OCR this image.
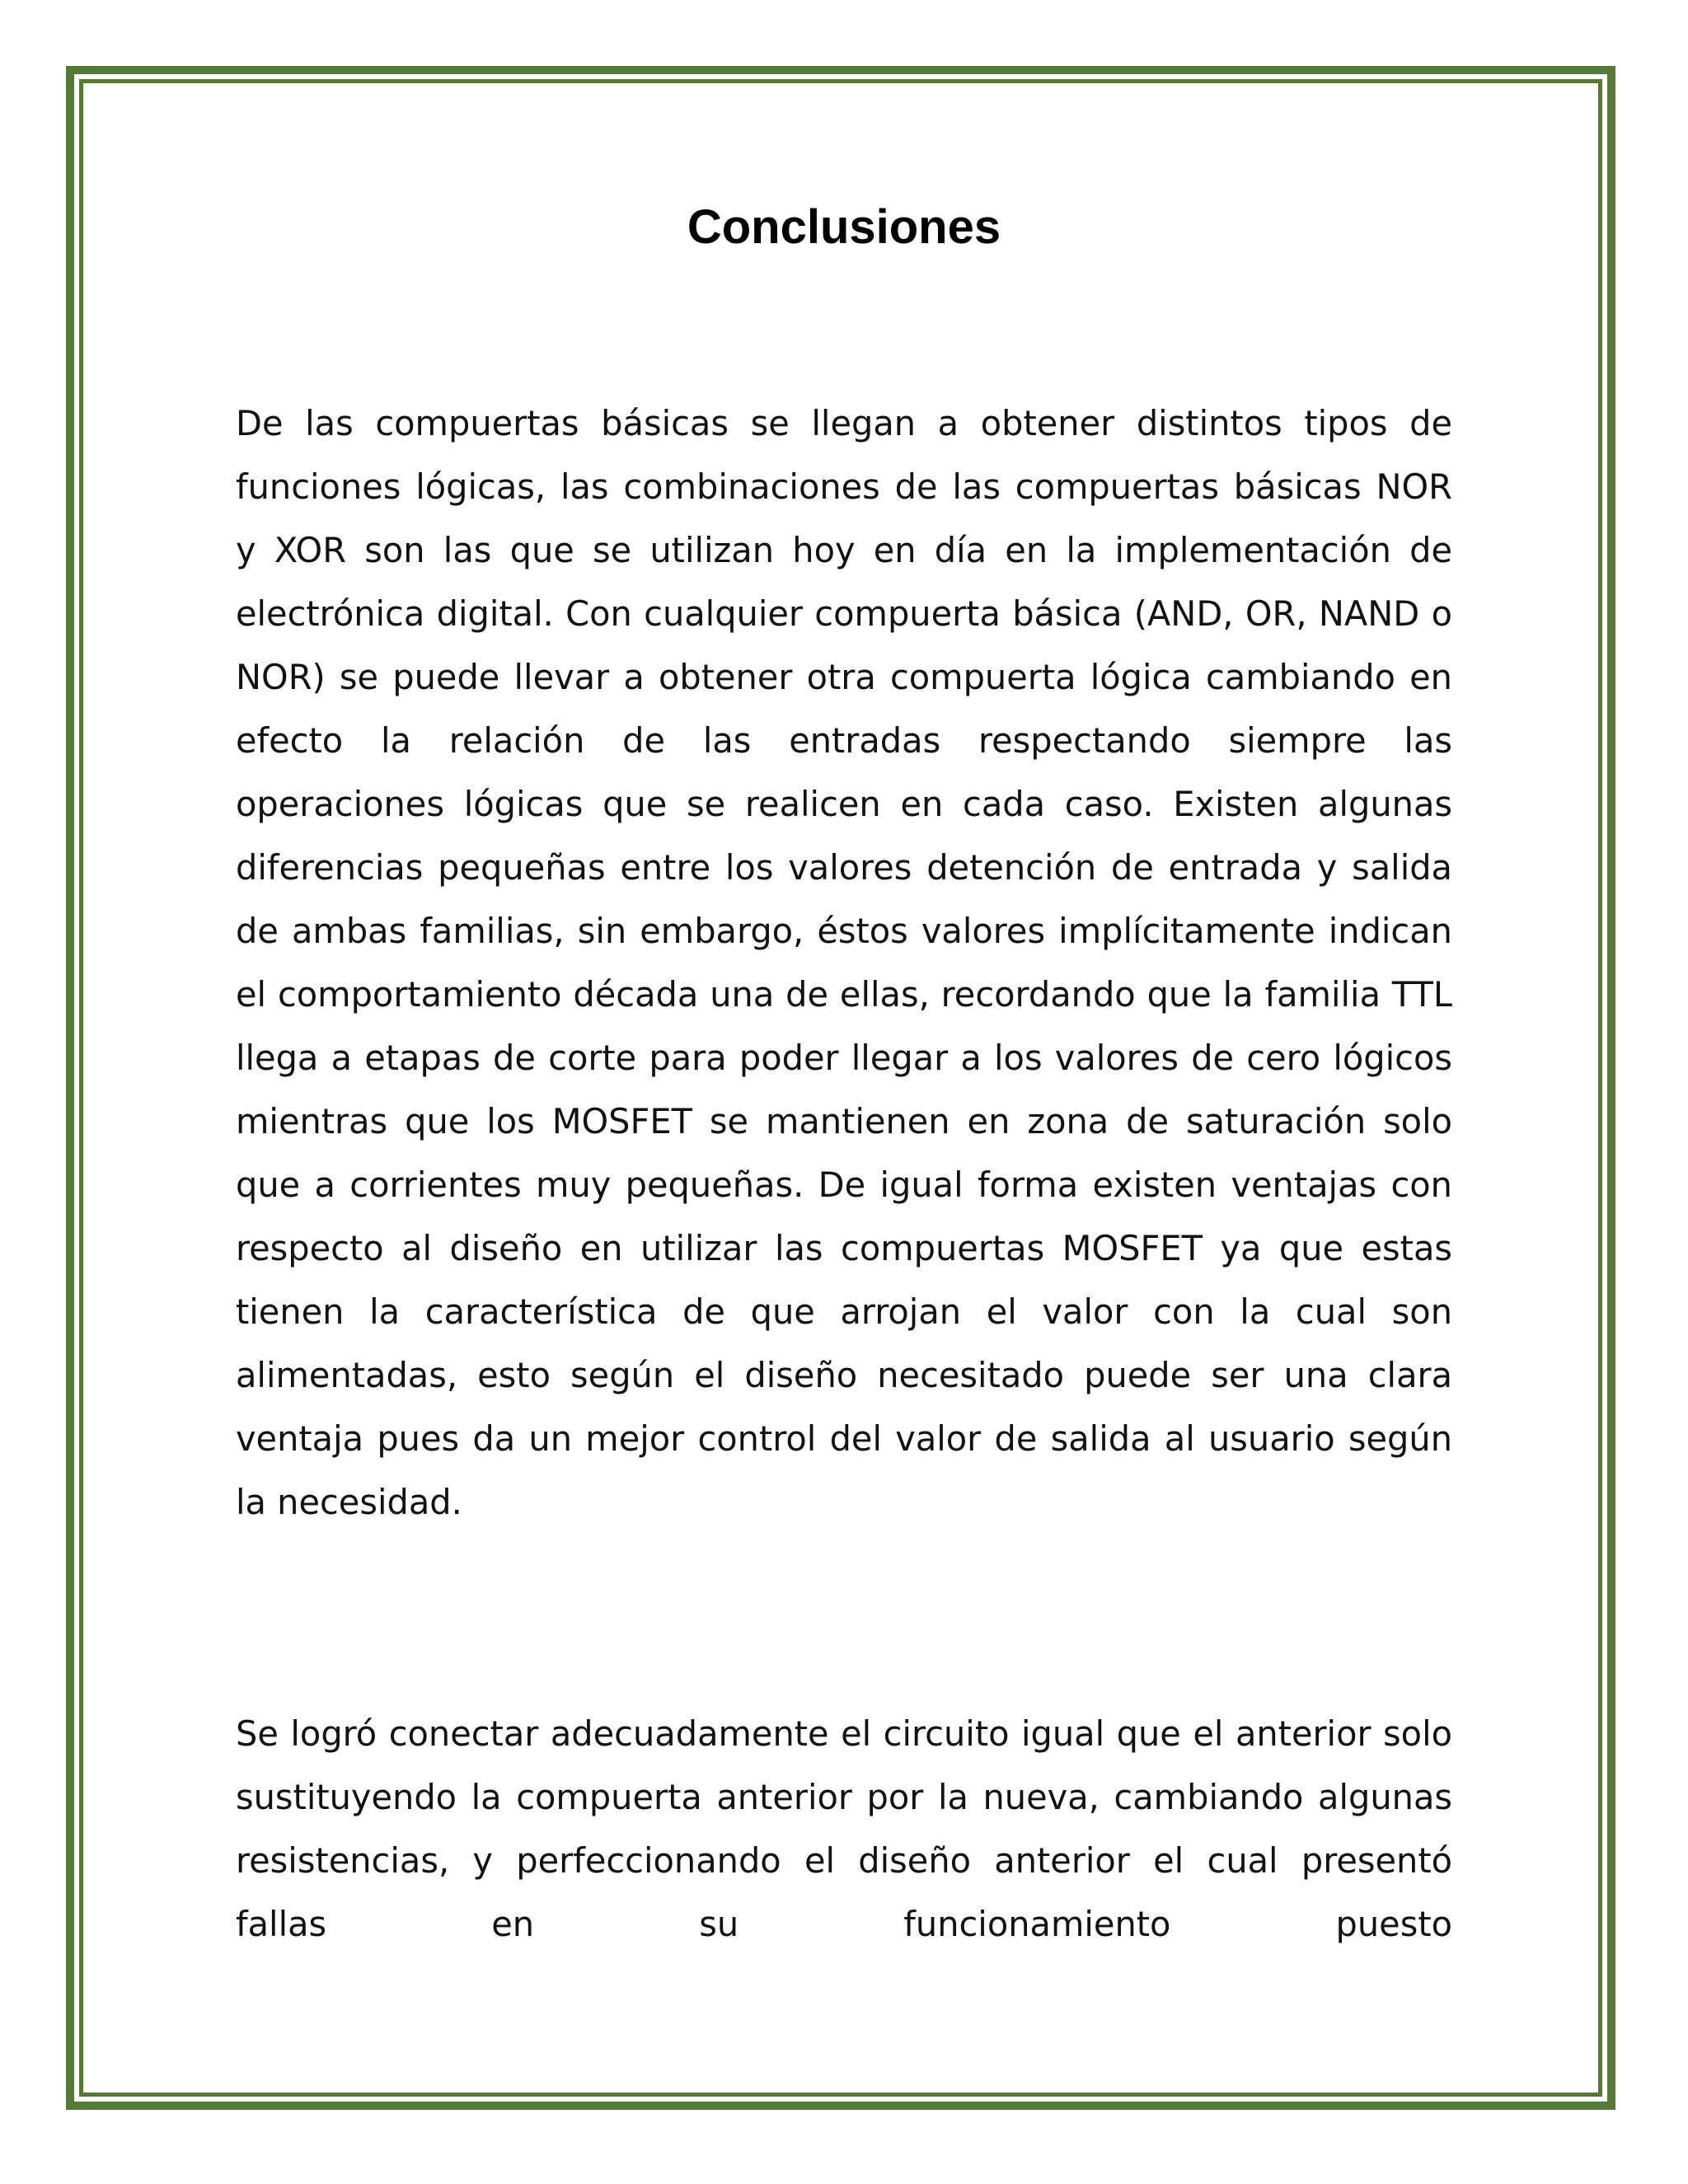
Conclusiones

De las compuertas básicas se llegan a obtener distintos tipos de funciones lógicas, las combinaciones de las compuertas básicas NOR y XOR son las que se utilizan hoy en día en la implementación de electrónica digital. Con cualquier compuerta básica (AND, OR, NAND o NOR) se puede llevar a obtener otra compuerta lógica cambiando en efecto la relación de las entradas respectando siempre las operaciones lógicas que se realicen en cada caso. Existen algunas diferencias pequeñas entre los valores detención de entrada y salida de ambas familias, sin embargo, éstos valores implícitamente indican el comportamiento década una de ellas, recordando que la familia TTL llega a etapas de corte para poder llegar a los valores de cero lógicos mientras que los MOSFET se mantienen en zona de saturación solo que a corrientes muy pequeñas. De igual forma existen ventajas con respecto al diseño en utilizar las compuertas MOSFET ya que estas tienen la característica de que arrojan el valor con la cual son alimentadas, esto según el diseño necesitado puede ser una clara ventaja pues da un mejor control del valor de salida al usuario según la necesidad.

Se logró conectar adecuadamente el circuito igual que el anterior solo sustituyendo la compuerta anterior por la nueva, cambiando algunas resistencias, y perfeccionando el diseño anterior el cual presentó fallas en su funcionamiento puesto
